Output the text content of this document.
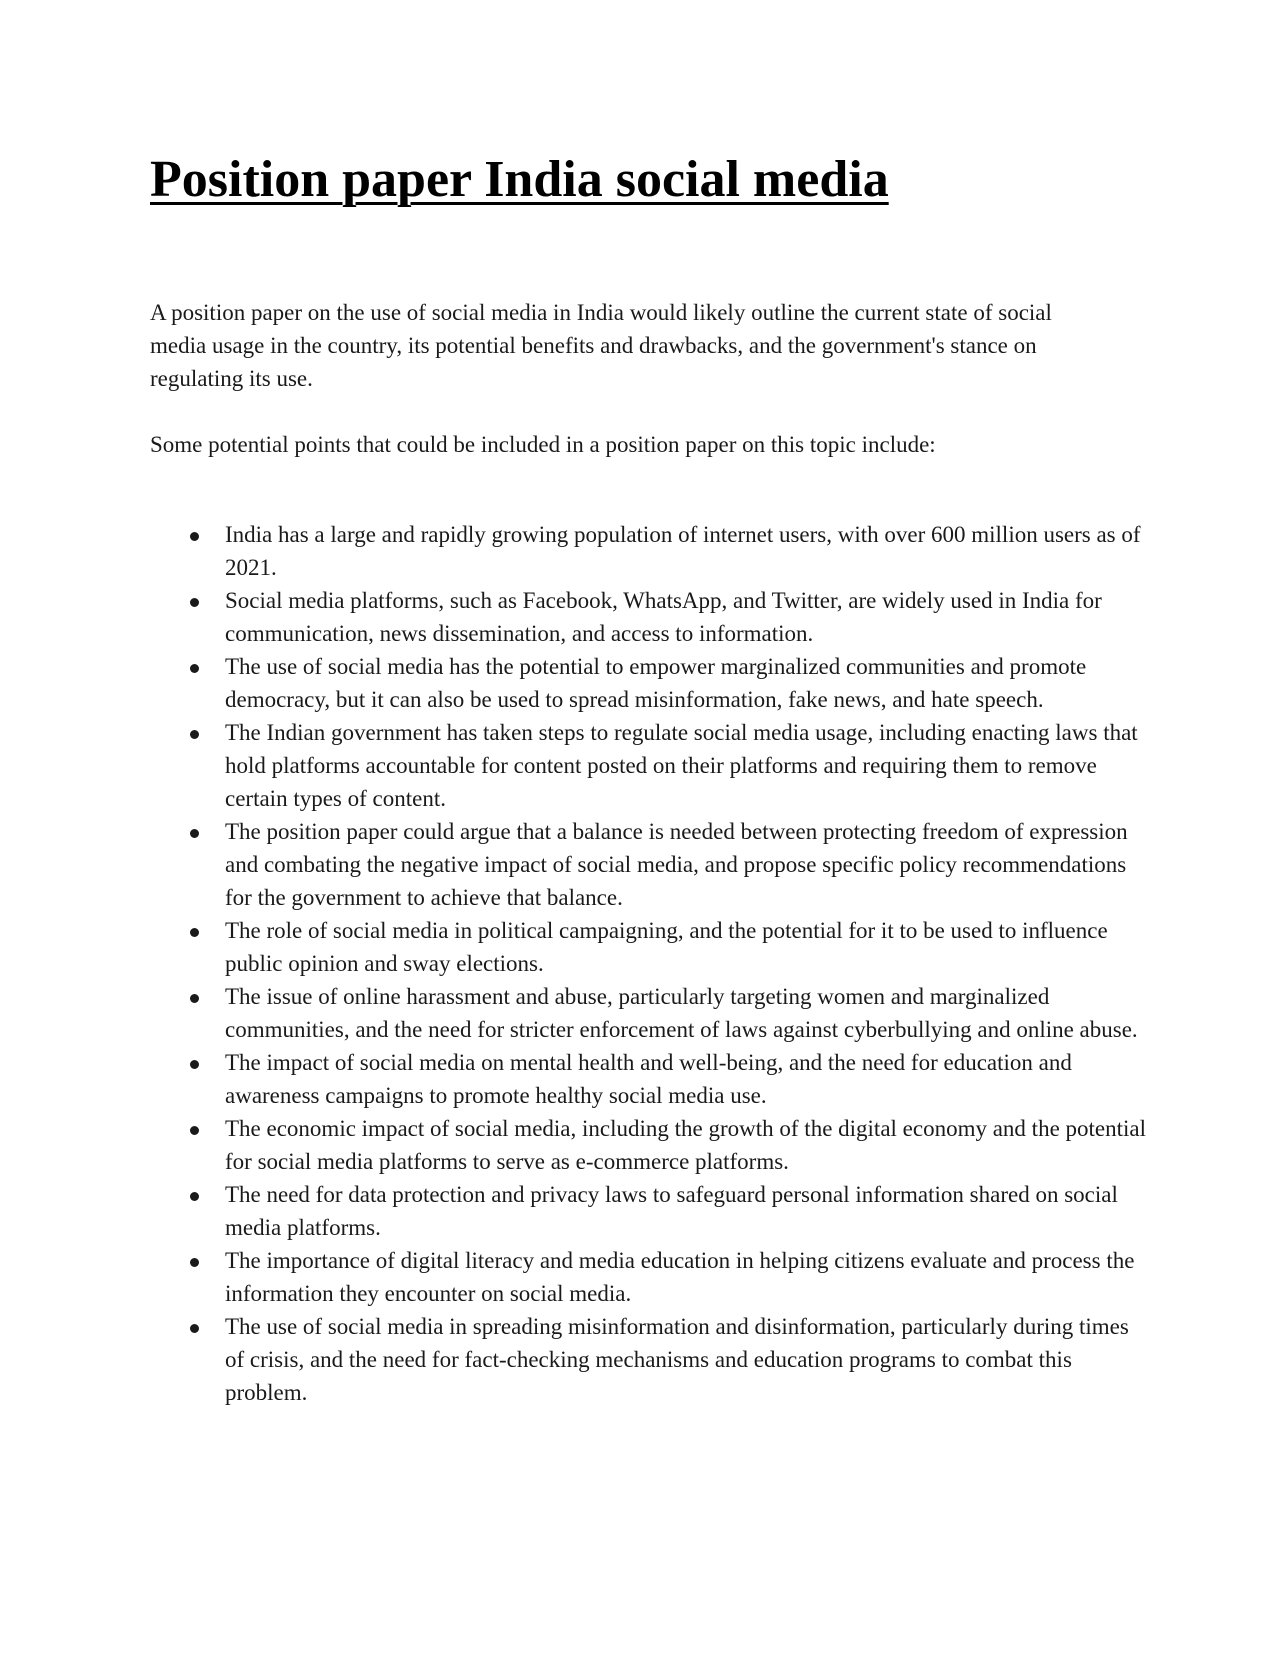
Position paper India social media

A position paper on the use of social media in India would likely outline the current state of social media usage in the country, its potential benefits and drawbacks, and the government's stance on regulating its use.

Some potential points that could be included in a position paper on this topic include:

India has a large and rapidly growing population of internet users, with over 600 million users as of 2021.
Social media platforms, such as Facebook, WhatsApp, and Twitter, are widely used in India for communication, news dissemination, and access to information.
The use of social media has the potential to empower marginalized communities and promote democracy, but it can also be used to spread misinformation, fake news, and hate speech.
The Indian government has taken steps to regulate social media usage, including enacting laws that hold platforms accountable for content posted on their platforms and requiring them to remove certain types of content.
The position paper could argue that a balance is needed between protecting freedom of expression and combating the negative impact of social media, and propose specific policy recommendations for the government to achieve that balance.
The role of social media in political campaigning, and the potential for it to be used to influence public opinion and sway elections.
The issue of online harassment and abuse, particularly targeting women and marginalized communities, and the need for stricter enforcement of laws against cyberbullying and online abuse.
The impact of social media on mental health and well-being, and the need for education and awareness campaigns to promote healthy social media use.
The economic impact of social media, including the growth of the digital economy and the potential for social media platforms to serve as e-commerce platforms.
The need for data protection and privacy laws to safeguard personal information shared on social media platforms.
The importance of digital literacy and media education in helping citizens evaluate and process the information they encounter on social media.
The use of social media in spreading misinformation and disinformation, particularly during times of crisis, and the need for fact-checking mechanisms and education programs to combat this problem.
